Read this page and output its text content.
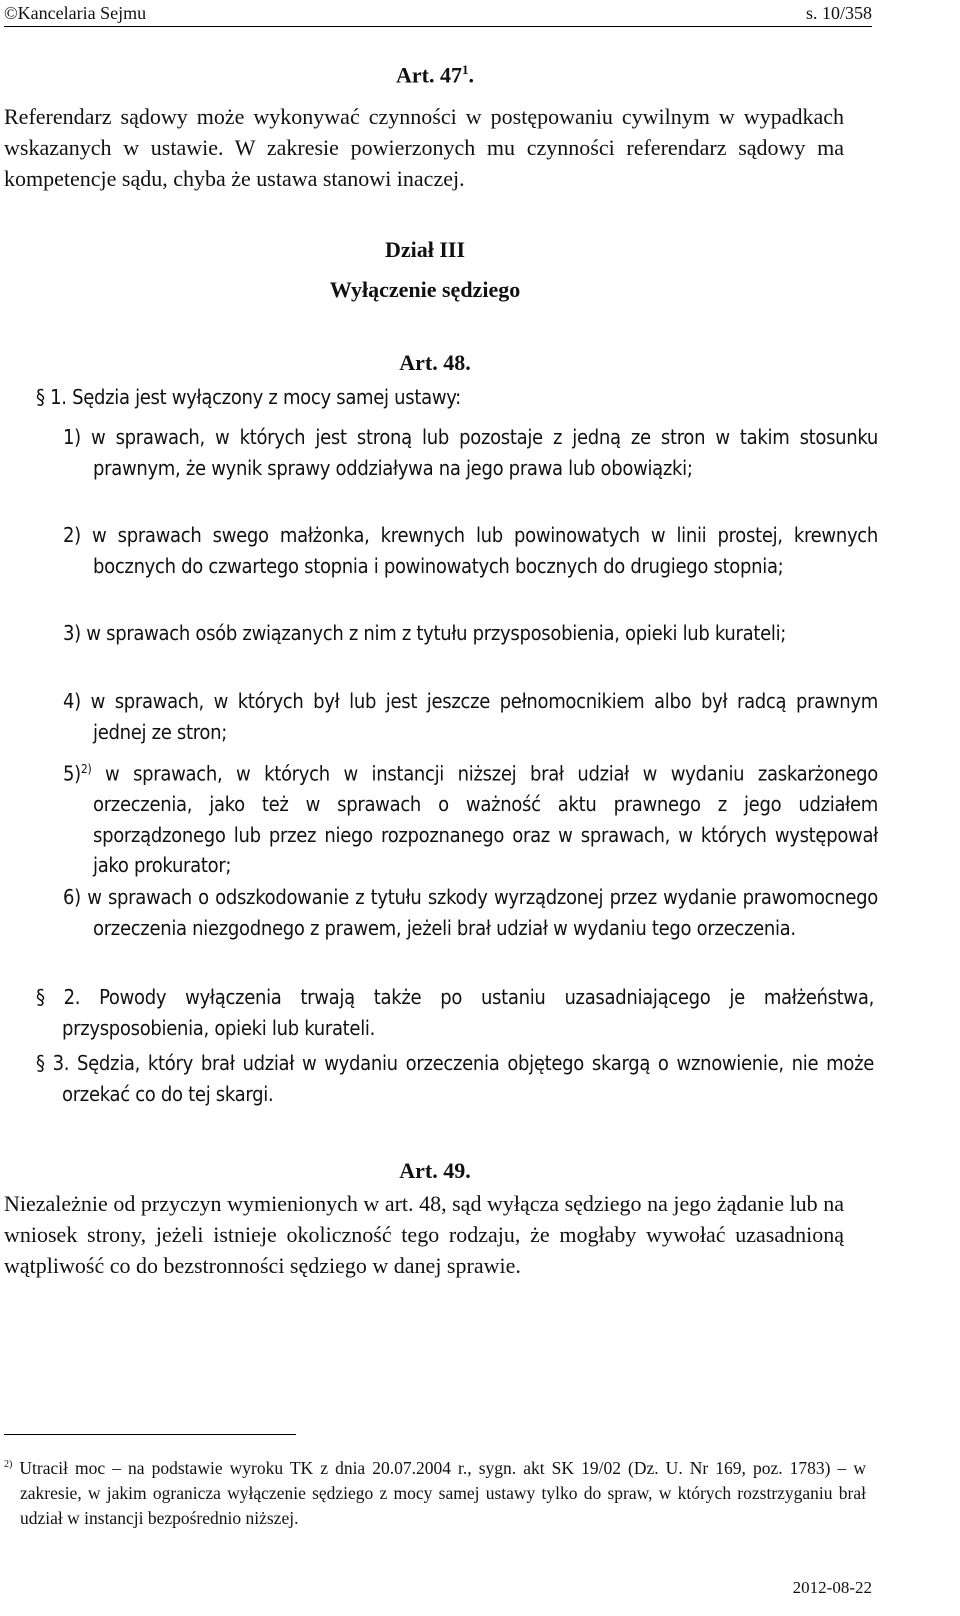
©Kancelaria Sejmu	s. 10/358
Art. $47^1$.
Referendarz sądowy może wykonywać czynności w postępowaniu cywilnym w wypadkach wskazanych w ustawie. W zakresie powierzonych mu czynności referendarz sądowy ma kompetencje sądu, chyba że ustawa stanowi inaczej.
Dział III
Wyłączenie sędziego
Art. 48.
§ 1. Sędzia jest wyłączony z mocy samej ustawy:
1) w sprawach, w których jest stroną lub pozostaje z jedną ze stron w takim stosunku prawnym, że wynik sprawy oddziaływa na jego prawa lub obowiązki;
2) w sprawach swego małżonka, krewnych lub powinowatych w linii prostej, krewnych bocznych do czwartego stopnia i powinowatych bocznych do drugiego stopnia;
3) w sprawach osób związanych z nim z tytułu przysposobienia, opieki lub kurateli;
4) w sprawach, w których był lub jest jeszcze pełnomocnikiem albo był radcą prawnym jednej ze stron;
5)$^{2)}$ w sprawach, w których w instancji niższej brał udział w wydaniu zaskarżonego orzeczenia, jako też w sprawach o ważność aktu prawnego z jego udziałem sporządzonego lub przez niego rozpoznanego oraz w sprawach, w których występował jako prokurator;
6) w sprawach o odszkodowanie z tytułu szkody wyrządzonej przez wydanie prawomocnego orzeczenia niezgodnego z prawem, jeżeli brał udział w wydaniu tego orzeczenia.
§ 2. Powody wyłączenia trwają także po ustaniu uzasadniającego je małżeństwa, przysposobienia, opieki lub kurateli.
§ 3. Sędzia, który brał udział w wydaniu orzeczenia objętego skargą o wznowienie, nie może orzekać co do tej skargi.
Art. 49.
Niezależnie od przyczyn wymienionych w art. 48, sąd wyłącza sędziego na jego żądanie lub na wniosek strony, jeżeli istnieje okoliczność tego rodzaju, że mogłaby wywołać uzasadnioną wątpliwość co do bezstronności sędziego w danej sprawie.
$^{2)}$ Utracił moc – na podstawie wyroku TK z dnia 20.07.2004 r., sygn. akt SK 19/02 (Dz. U. Nr 169, poz. 1783) – w zakresie, w jakim ogranicza wyłączenie sędziego z mocy samej ustawy tylko do spraw, w których rozstrzyganiu brał udział w instancji bezpośrednio niższej.
2012-08-22
